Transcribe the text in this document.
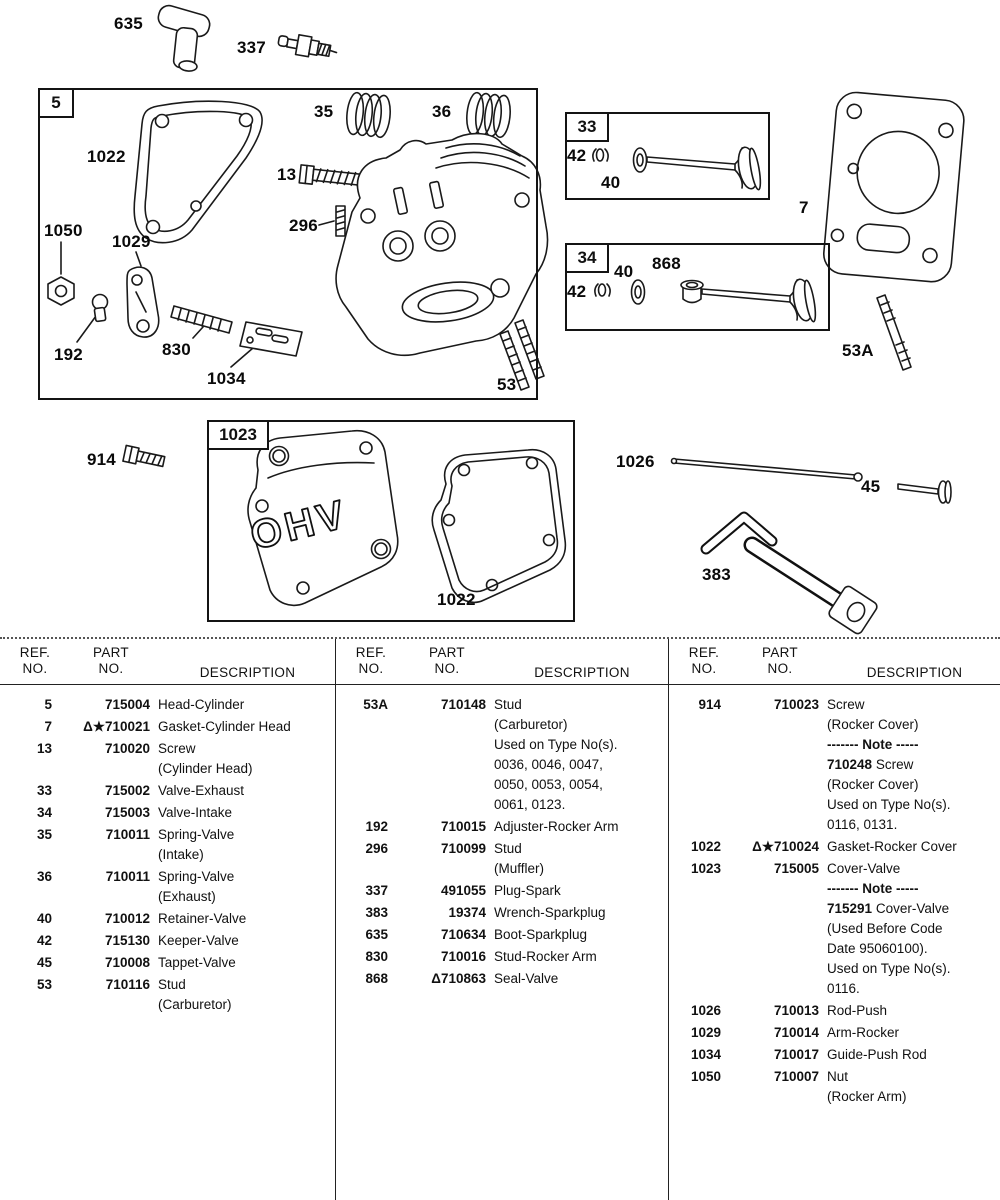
OHV
5
33
34
1023
635
337
1022
13
35	36
296
1050
1029
192	830
1034	53
42
40
7
42
40 868
53A
914	1026
45
383
1022
REF.
NO.
PART
NO.	DESCRIPTION
5	715004 Head-Cylinder
7	Δ★710021 Gasket-Cylinder Head
13	710020 Screw
(Cylinder Head)
33	715002 Valve-Exhaust
34	715003 Valve-Intake
35	710011 Spring-Valve
(Intake)
36	710011 Spring-Valve
(Exhaust)
40	710012 Retainer-Valve
42	715130 Keeper-Valve
45	710008 Tappet-Valve
53	710116 Stud
(Carburetor)
REF.
NO.
PART
NO.	DESCRIPTION
53A	710148 Stud
(Carburetor)
Used on Type No(s).
0036, 0046, 0047,
0050, 0053, 0054,
0061, 0123.
192	710015 Adjuster-Rocker Arm
296	710099 Stud
(Muffler)
337	491055 Plug-Spark
383	19374 Wrench-Sparkplug
635	710634 Boot-Sparkplug
830	710016 Stud-Rocker Arm
868	Δ710863 Seal-Valve
REF.
NO.
PART
NO.	DESCRIPTION
914	710023 Screw
(Rocker Cover)
------- Note -----
710248 Screw
(Rocker Cover)
Used on Type No(s).
0116, 0131.
1022	Δ★710024 Gasket-Rocker Cover
1023	715005 Cover-Valve
------- Note -----
715291 Cover-Valve
(Used Before Code
Date 95060100).
Used on Type No(s).
0116.
1026	710013 Rod-Push
1029	710014 Arm-Rocker
1034	710017 Guide-Push Rod
1050	710007 Nut
(Rocker Arm)
